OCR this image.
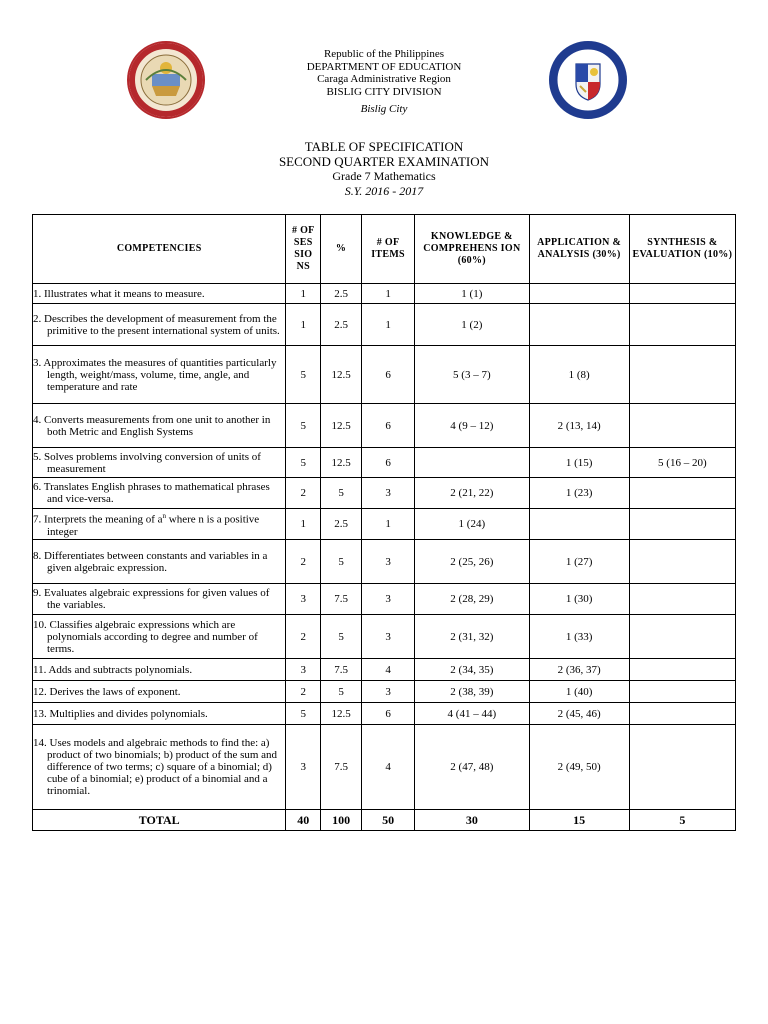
Republic of the Philippines
DEPARTMENT OF EDUCATION
Caraga Administrative Region
BISLIG CITY DIVISION
Bislig City
TABLE OF SPECIFICATION
SECOND QUARTER EXAMINATION
Grade 7 Mathematics
S.Y. 2016 - 2017
COMPETENCIES	# OF SES SIO NS	%	# OF ITEMS	KNOWLEDGE & COMPREHENS ION (60%)	APPLICATION & ANALYSIS (30%)	SYNTHESIS & EVALUATION (10%)

1. Illustrates what it means to measure.	1	2.5	1	1 (1)		

2. Describes the development of measurement from the primitive to the present international system of units.	1	2.5	1	1 (2)		

3. Approximates the measures of quantities particularly length, weight/mass, volume, time, angle, and temperature and rate	5	12.5	6	5 (3 – 7)	1 (8)	

4. Converts measurements from one unit to another in both Metric and English Systems	5	12.5	6	4 (9 – 12)	2 (13, 14)	

5. Solves problems involving conversion of units of measurement	5	12.5	6		1 (15)	5 (16 – 20)

6. Translates English phrases to mathematical phrases and vice-versa.	2	5	3	2 (21, 22)	1 (23)	

7. Interprets the meaning of $a^n$ where n is a positive integer	1	2.5	1	1 (24)		

8. Differentiates between constants and variables in a given algebraic expression.	2	5	3	2 (25, 26)	1 (27)	

9. Evaluates algebraic expressions for given values of the variables.	3	7.5	3	2 (28, 29)	1 (30)	

10. Classifies algebraic expressions which are polynomials according to degree and number of terms.	2	5	3	2 (31, 32)	1 (33)	

11. Adds and subtracts polynomials.	3	7.5	4	2 (34, 35)	2 (36, 37)	

12. Derives the laws of exponent.	2	5	3	2 (38, 39)	1 (40)	

13. Multiplies and divides polynomials.	5	12.5	6	4 (41 – 44)	2 (45, 46)	

14. Uses models and algebraic methods to find the: a) product of two binomials; b) product of the sum and difference of two terms; c) square of a binomial; d) cube of a binomial; e) product of a binomial and a trinomial.	3	7.5	4	2 (47, 48)	2 (49, 50)	
TOTAL	40	100	50	30	15	5
